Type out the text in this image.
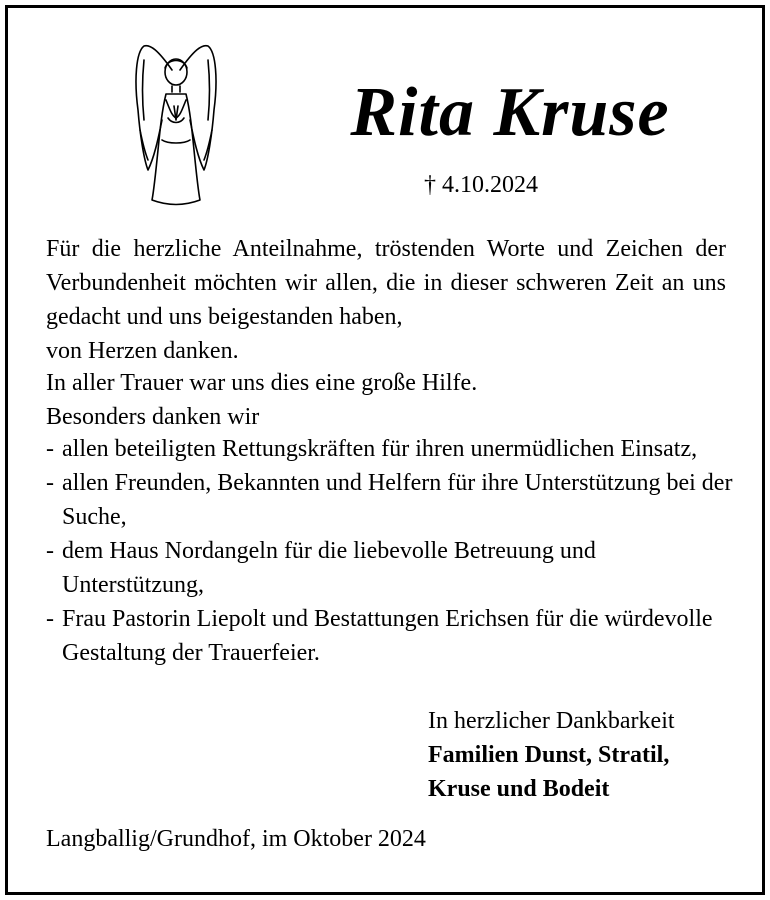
Rita Kruse
† 4.10.2024
Für die herzliche Anteilnahme, tröstenden Worte und Zeichen der Verbundenheit möchten wir allen, die in dieser schweren Zeit an uns gedacht und uns beigestanden haben,
von Herzen danken.

In aller Trauer war uns dies eine große Hilfe.

Besonders danken wir

- allen beteiligten Rettungskräften für ihren unermüdlichen Einsatz,
- allen Freunden, Bekannten und Helfern für ihre Unterstützung bei der Suche,
- dem Haus Nordangeln für die liebevolle Betreuung und Unterstützung,
- Frau Pastorin Liepolt und Bestattungen Erichsen für die würdevolle Gestaltung der Trauerfeier.
In herzlicher Dankbarkeit
Familien Dunst, Stratil,
Kruse und Bodeit
Langballig/Grundhof, im Oktober 2024
